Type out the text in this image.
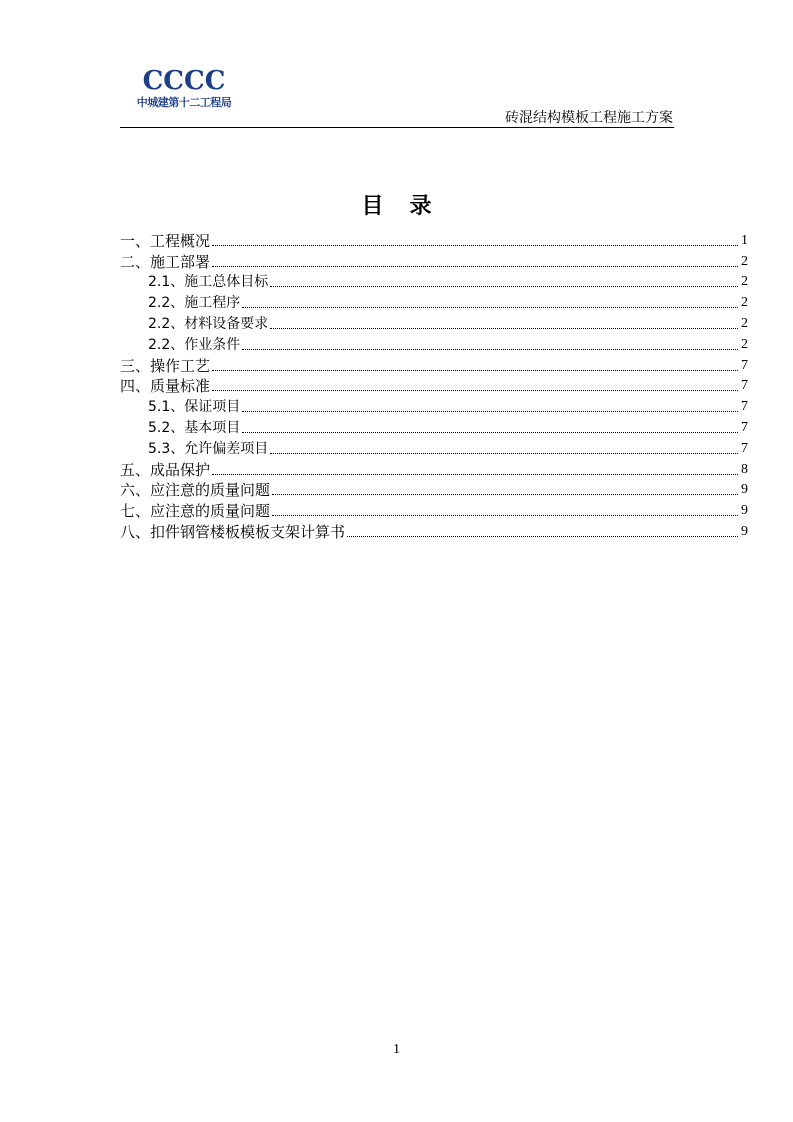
CCCC
中城建第十二工程局
砖混结构模板工程施工方案
目录
一、工程概况	1
二、施工部署	2
2.1、施工总体目标	2
2.2、施工程序	2
2.2、材料设备要求	2
2.2、作业条件	2
三、操作工艺	7
四、质量标准	7
5.1、保证项目	7
5.2、基本项目	7
5.3、允许偏差项目	7
五、成品保护	8
六、应注意的质量问题	9
七、应注意的质量问题	9
八、扣件钢管楼板模板支架计算书	9
1
